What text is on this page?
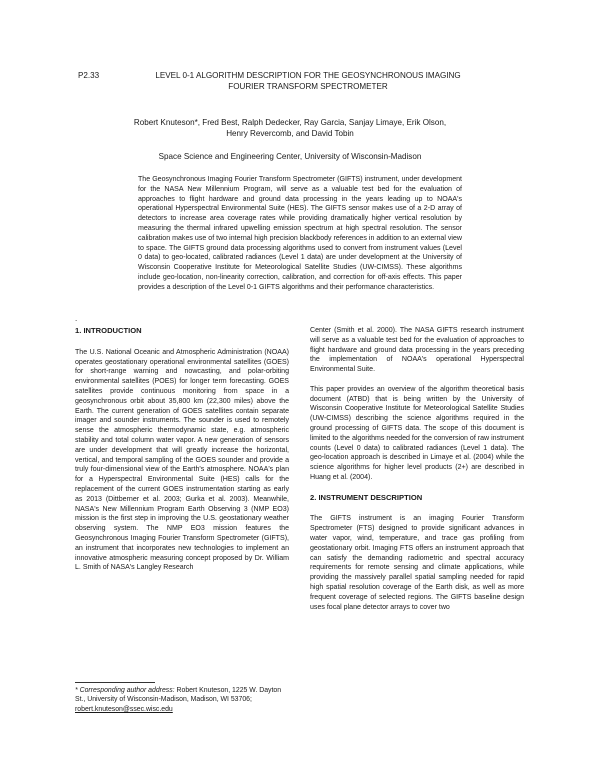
P2.33	LEVEL 0-1 ALGORITHM DESCRIPTION FOR THE GEOSYNCHRONOUS IMAGING FOURIER TRANSFORM SPECTROMETER
Robert Knuteson*, Fred Best, Ralph Dedecker, Ray Garcia, Sanjay Limaye, Erik Olson,
Henry Revercomb, and David Tobin
Space Science and Engineering Center, University of Wisconsin-Madison

The Geosynchronous Imaging Fourier Transform Spectrometer (GIFTS) instrument, under development for the NASA New Millennium Program, will serve as a valuable test bed for the evaluation of approaches to flight hardware and ground data processing in the years leading up to NOAA's operational Hyperspectral Environmental Suite (HES). The GIFTS sensor makes use of a 2-D array of detectors to increase area coverage rates while providing dramatically higher vertical resolution by measuring the thermal infrared upwelling emission spectrum at high spectral resolution. The sensor calibration makes use of two internal high precision blackbody references in addition to an external view to space. The GIFTS ground data processing algorithms used to convert from instrument values (Level 0 data) to geo-located, calibrated radiances (Level 1 data) are under development at the University of Wisconsin Cooperative Institute for Meteorological Satellite Studies (UW-CIMSS). These algorithms include geo-location, non-linearity correction, calibration, and correction for off-axis effects. This paper provides a description of the Level 0-1 GIFTS algorithms and their performance characteristics.

.

1. INTRODUCTION

The U.S. National Oceanic and Atmospheric Administration (NOAA) operates geostationary operational environmental satellites (GOES) for short-range warning and nowcasting, and polar-orbiting environmental satellites (POES) for longer term forecasting. GOES satellites provide continuous monitoring from space in a geosynchronous orbit about 35,800 km (22,300 miles) above the Earth. The current generation of GOES satellites contain separate imager and sounder instruments. The sounder is used to remotely sense the atmospheric thermodynamic state, e.g. atmospheric stability and total column water vapor. A new generation of sensors are under development that will greatly increase the horizontal, vertical, and temporal sampling of the GOES sounder and provide a truly four-dimensional view of the Earth's atmosphere. NOAA's plan for a Hyperspectral Environmental Suite (HES) calls for the replacement of the current GOES instrumentation starting as early as 2013 (Dittberner et al. 2003; Gurka et al. 2003). Meanwhile, NASA's New Millennium Program Earth Observing 3 (NMP EO3) mission is the first step in improving the U.S. geostationary weather observing system. The NMP EO3 mission features the Geosynchronous Imaging Fourier Transform Spectrometer (GIFTS), an instrument that incorporates new technologies to implement an innovative atmospheric measuring concept proposed by Dr. William L. Smith of NASA's Langley Research

Center (Smith et al. 2000). The NASA GIFTS research instrument will serve as a valuable test bed for the evaluation of approaches to flight hardware and ground data processing in the years preceding the implementation of NOAA's operational Hyperspectral Environmental Suite.

This paper provides an overview of the algorithm theoretical basis document (ATBD) that is being written by the University of Wisconsin Cooperative Institute for Meteorological Satellite Studies (UW-CIMSS) describing the science algorithms required in the ground processing of GIFTS data. The scope of this document is limited to the algorithms needed for the conversion of raw instrument counts (Level 0 data) to calibrated radiances (Level 1 data). The geo-location approach is described in Limaye et al. (2004) while the science algorithms for higher level products (2+) are described in Huang et al. (2004).

2. INSTRUMENT DESCRIPTION

The GIFTS instrument is an imaging Fourier Transform Spectrometer (FTS) designed to provide significant advances in water vapor, wind, temperature, and trace gas profiling from geostationary orbit. Imaging FTS offers an instrument approach that can satisfy the demanding radiometric and spectral accuracy requirements for remote sensing and climate applications, while providing the massively parallel spatial sampling needed for rapid high spatial resolution coverage of the Earth disk, as well as more frequent coverage of selected regions. The GIFTS baseline design uses focal plane detector arrays to cover two

* Corresponding author address: Robert Knuteson, 1225 W. Dayton St., University of Wisconsin-Madison, Madison, WI 53706; robert.knuteson@ssec.wisc.edu
